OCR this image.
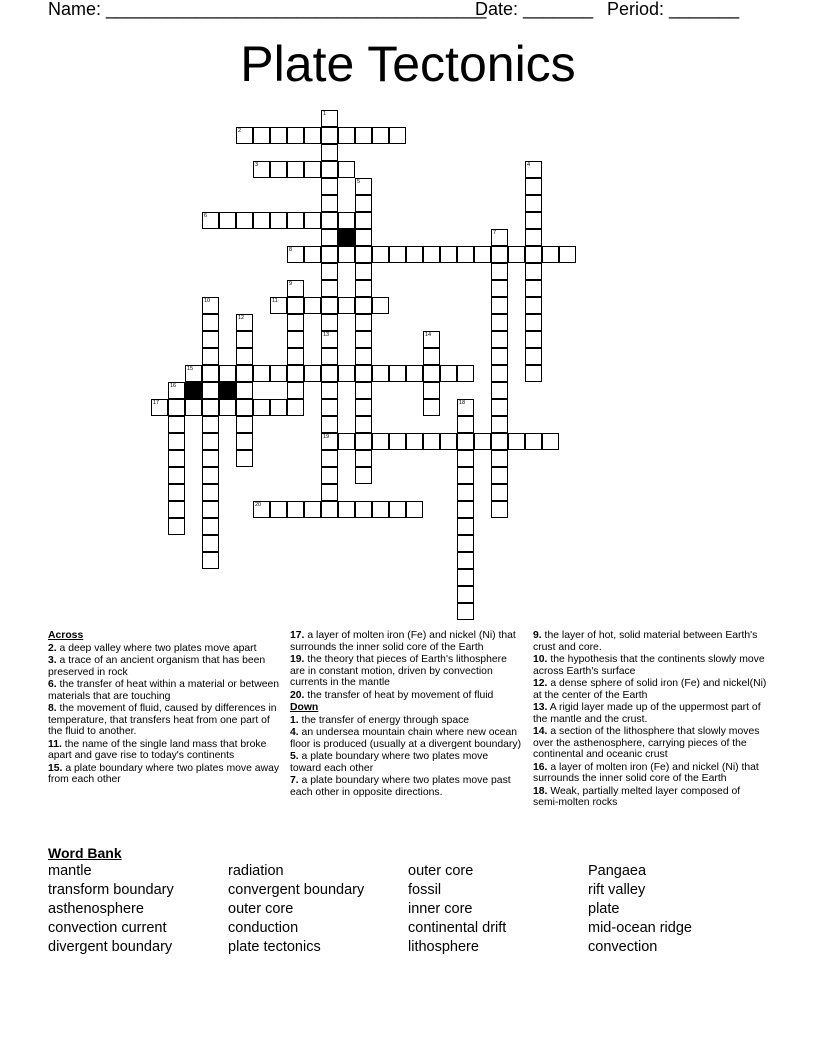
Name: ______________________________________
Date: _______ Period: _______
Plate Tectonics
1
2
3	4
5
6
7
8
9
10	11
12
13	14
15
16
17	18
19
20
Across
2. a deep valley where two plates move apart
3. a trace of an ancient organism that has been preserved in rock
6. the transfer of heat within a material or between materials that are touching
8. the movement of fluid, caused by differences in temperature, that transfers heat from one part of the fluid to another.
11. the name of the single land mass that broke apart and gave rise to today's continents
15. a plate boundary where two plates move away from each other
17. a layer of molten iron (Fe) and nickel (Ni) that surrounds the inner solid core of the Earth
19. the theory that pieces of Earth's lithosphere are in constant motion, driven by convection currents in the mantle
20. the transfer of heat by movement of fluid
Down
1. the transfer of energy through space
4. an undersea mountain chain where new ocean floor is produced (usually at a divergent boundary)
5. a plate boundary where two plates move toward each other
7. a plate boundary where two plates move past each other in opposite directions.
9. the layer of hot, solid material between Earth's crust and core.
10. the hypothesis that the continents slowly move across Earth's surface
12. a dense sphere of solid iron (Fe) and nickel(Ni) at the center of the Earth
13. A rigid layer made up of the uppermost part of the mantle and the crust.
14. a section of the lithosphere that slowly moves over the asthenosphere, carrying pieces of the continental and oceanic crust
16. a layer of molten iron (Fe) and nickel (Ni) that surrounds the inner solid core of the Earth
18. Weak, partially melted layer composed of semi-molten rocks
Word Bank
mantle
transform boundary
asthenosphere
convection current
divergent boundary
radiation
convergent boundary
outer core
conduction
plate tectonics
outer core
fossil
inner core
continental drift
lithosphere
Pangaea
rift valley
plate
mid-ocean ridge
convection
